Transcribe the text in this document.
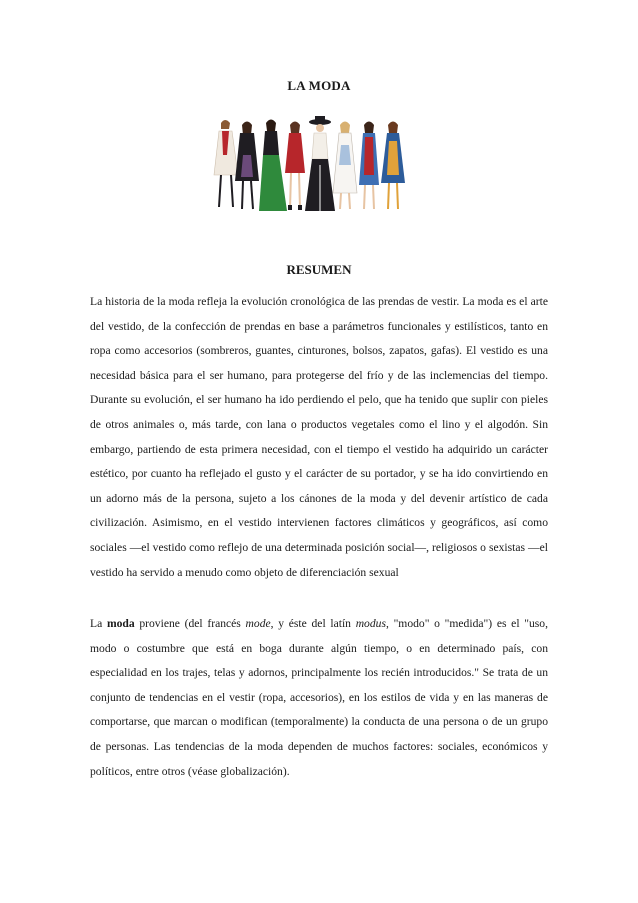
LA MODA
RESUMEN

La historia de la moda refleja la evolución cronológica de las prendas de vestir. La moda es el arte del vestido, de la confección de prendas en base a parámetros funcionales y estilísticos, tanto en ropa como accesorios (sombreros, guantes, cinturones, bolsos, zapatos, gafas). El vestido es una necesidad básica para el ser humano, para protegerse del frío y de las inclemencias del tiempo. Durante su evolución, el ser humano ha ido perdiendo el pelo, que ha tenido que suplir con pieles de otros animales o, más tarde, con lana o productos vegetales como el lino y el algodón. Sin embargo, partiendo de esta primera necesidad, con el tiempo el vestido ha adquirido un carácter estético, por cuanto ha reflejado el gusto y el carácter de su portador, y se ha ido convirtiendo en un adorno más de la persona, sujeto a los cánones de la moda y del devenir artístico de cada civilización. Asimismo, en el vestido intervienen factores climáticos y geográficos, así como sociales —el vestido como reflejo de una determinada posición social—, religiosos o sexistas —el vestido ha servido a menudo como objeto de diferenciación sexual

La moda proviene (del francés mode, y éste del latín modus, "modo" o "medida") es el "uso, modo o costumbre que está en boga durante algún tiempo, o en determinado país, con especialidad en los trajes, telas y adornos, principalmente los recién introducidos." Se trata de un conjunto de tendencias en el vestir (ropa, accesorios), en los estilos de vida y en las maneras de comportarse, que marcan o modifican (temporalmente) la conducta de una persona o de un grupo de personas. Las tendencias de la moda dependen de muchos factores: sociales, económicos y políticos, entre otros (véase globalización).
